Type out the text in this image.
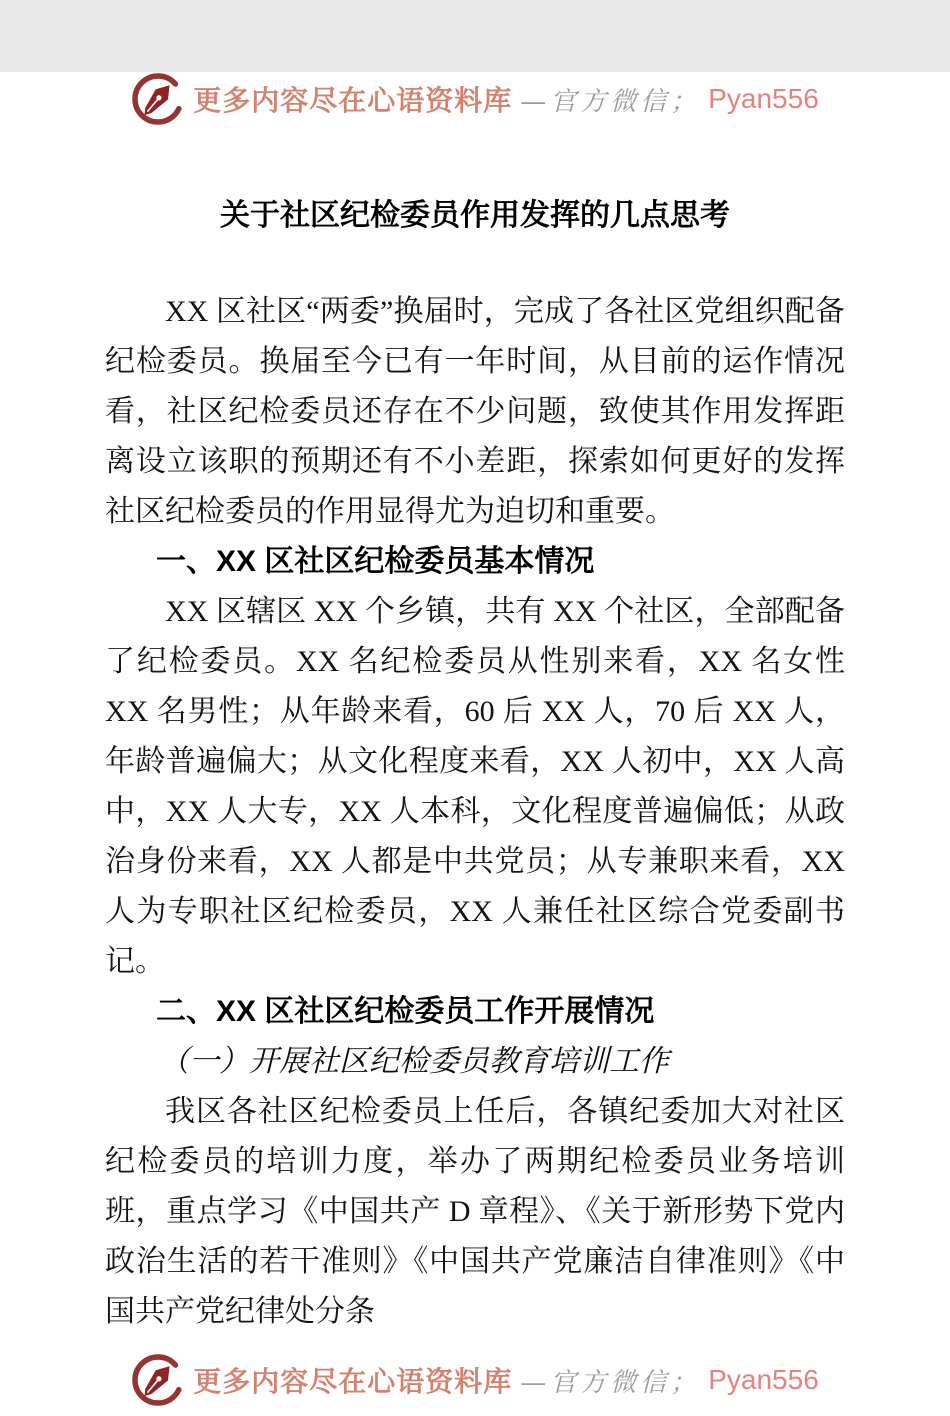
更多内容尽在心语资料库 —官方微信； Pyan556
关于社区纪检委员作用发挥的几点思考

XX 区社区“两委”换届时，完成了各社区党组织配备纪检委员。换届至今已有一年时间，从目前的运作情况看，社区纪检委员还存在不少问题，致使其作用发挥距离设立该职的预期还有不小差距，探索如何更好的发挥社区纪检委员的作用显得尤为迫切和重要。

一、XX 区社区纪检委员基本情况

XX 区辖区 XX 个乡镇，共有 XX 个社区，全部配备了纪检委员。XX 名纪检委员从性别来看，XX 名女性 XX 名男性；从年龄来看，60 后 XX 人，70 后 XX 人，年龄普遍偏大；从文化程度来看，XX 人初中，XX 人高中，XX 人大专，XX 人本科，文化程度普遍偏低；从政治身份来看，XX 人都是中共党员；从专兼职来看，XX 人为专职社区纪检委员，XX 人兼任社区综合党委副书记。

二、XX 区社区纪检委员工作开展情况

（一）开展社区纪检委员教育培训工作

我区各社区纪检委员上任后，各镇纪委加大对社区纪检委员的培训力度，举办了两期纪检委员业务培训班，重点学习《中国共产 D 章程》、《关于新形势下党内政治生活的若干准则》《中国共产党廉洁自律准则》《中国共产党纪律处分条

更多内容尽在心语资料库 —官方微信； Pyan556
